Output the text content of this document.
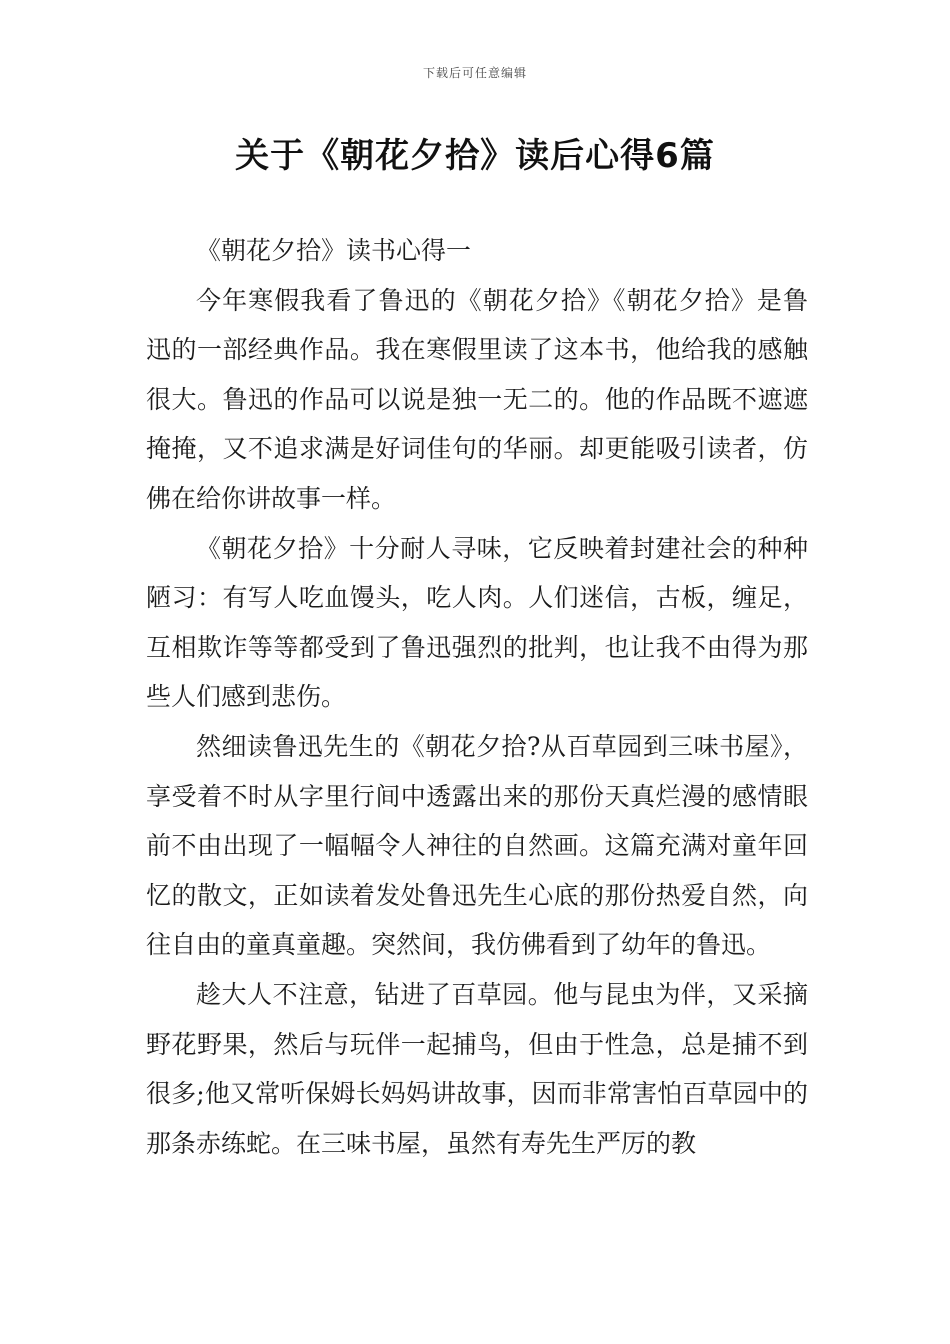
下载后可任意编辑
关于《朝花夕拾》读后心得6篇

《朝花夕拾》读书心得一

今年寒假我看了鲁迅的《朝花夕拾》《朝花夕拾》是鲁迅的一部经典作品。我在寒假里读了这本书，他给我的感触很大。鲁迅的作品可以说是独一无二的。他的作品既不遮遮掩掩，又不追求满是好词佳句的华丽。却更能吸引读者，仿佛在给你讲故事一样。

《朝花夕拾》十分耐人寻味，它反映着封建社会的种种陋习：有写人吃血馒头，吃人肉。人们迷信，古板，缠足，互相欺诈等等都受到了鲁迅强烈的批判，也让我不由得为那些人们感到悲伤。

然细读鲁迅先生的《朝花夕拾?从百草园到三味书屋》，享受着不时从字里行间中透露出来的那份天真烂漫的感情眼前不由出现了一幅幅令人神往的自然画。这篇充满对童年回忆的散文，正如读着发处鲁迅先生心底的那份热爱自然，向往自由的童真童趣。突然间，我仿佛看到了幼年的鲁迅。

趁大人不注意，钻进了百草园。他与昆虫为伴，又采摘野花野果，然后与玩伴一起捕鸟，但由于性急，总是捕不到很多;他又常听保姆长妈妈讲故事，因而非常害怕百草园中的那条赤练蛇。在三味书屋，虽然有寿先生严厉的教
